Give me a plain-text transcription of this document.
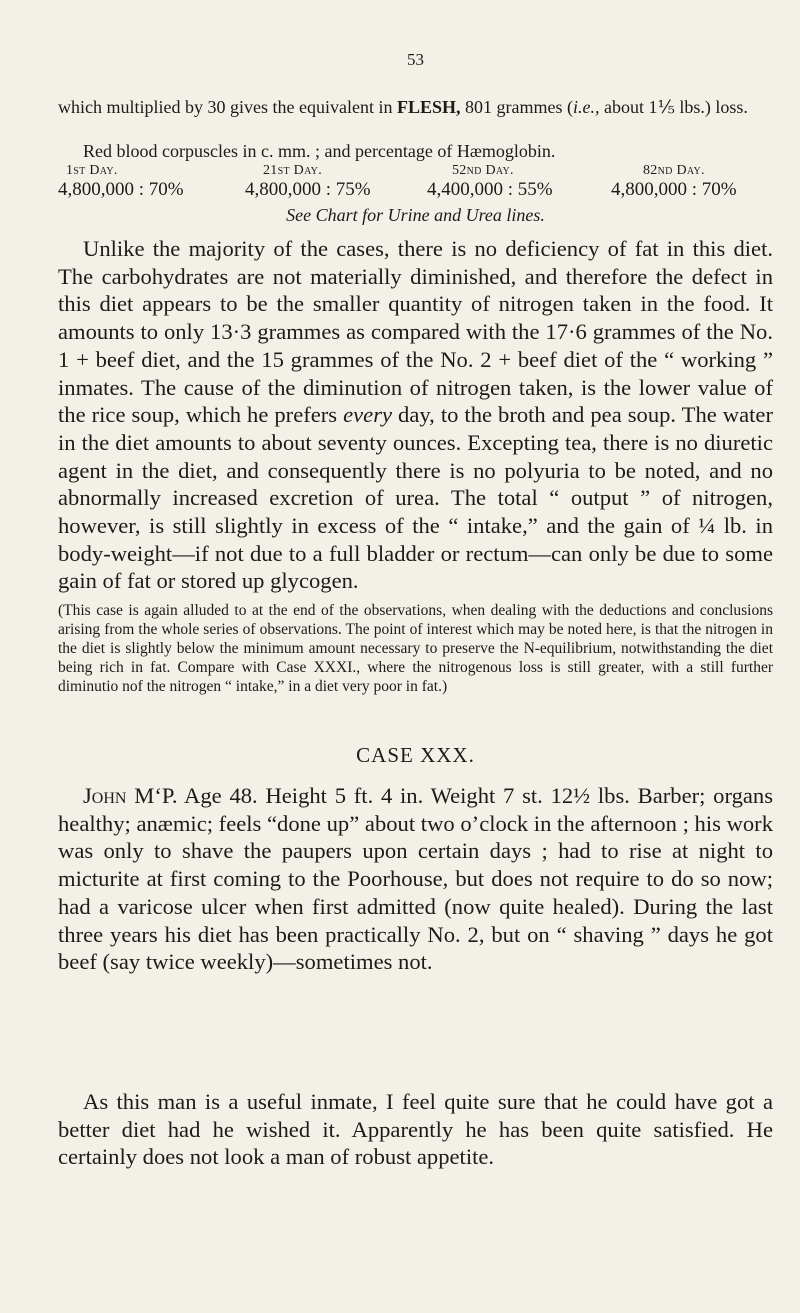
53
which multiplied by 30 gives the equivalent in FLESH, 801 grammes (i.e., about 1⅕ lbs.) loss.
Red blood corpuscles in c. mm. ; and percentage of Hæmoglobin.
1st Day.	21st Day.	52nd Day.	82nd Day.
4,800,000 : 70%	4,800,000 : 75%	4,400,000 : 55%	4,800,000 : 70%
See Chart for Urine and Urea lines.
Unlike the majority of the cases, there is no deficiency of fat in this diet. The carbohydrates are not materially diminished, and therefore the defect in this diet appears to be the smaller quantity of nitrogen taken in the food. It amounts to only 13·3 grammes as compared with the 17·6 grammes of the No. 1 + beef diet, and the 15 grammes of the No. 2 + beef diet of the “ working ” inmates. The cause of the diminution of nitrogen taken, is the lower value of the rice soup, which he prefers every day, to the broth and pea soup. The water in the diet amounts to about seventy ounces. Excepting tea, there is no diuretic agent in the diet, and consequently there is no polyuria to be noted, and no abnormally increased excretion of urea. The total “ output ” of nitrogen, however, is still slightly in excess of the “ intake,” and the gain of ¼ lb. in body-weight—if not due to a full bladder or rectum—can only be due to some gain of fat or stored up glycogen.
(This case is again alluded to at the end of the observations, when dealing with the deductions and conclusions arising from the whole series of observations. The point of interest which may be noted here, is that the nitrogen in the diet is slightly below the minimum amount necessary to preserve the N-equilibrium, notwithstanding the diet being rich in fat. Compare with Case XXXI., where the nitrogenous loss is still greater, with a still further diminutio nof the nitrogen “ intake,” in a diet very poor in fat.)
CASE XXX.
John M‘P. Age 48. Height 5 ft. 4 in. Weight 7 st. 12½ lbs. Barber; organs healthy; anæmic; feels “done up” about two o’clock in the afternoon ; his work was only to shave the paupers upon certain days ; had to rise at night to micturite at first coming to the Poorhouse, but does not require to do so now; had a varicose ulcer when first admitted (now quite healed). During the last three years his diet has been practically No. 2, but on “ shaving ” days he got beef (say twice weekly)—sometimes not.
As this man is a useful inmate, I feel quite sure that he could have got a better diet had he wished it. Apparently he has been quite satisfied. He certainly does not look a man of robust appetite.
